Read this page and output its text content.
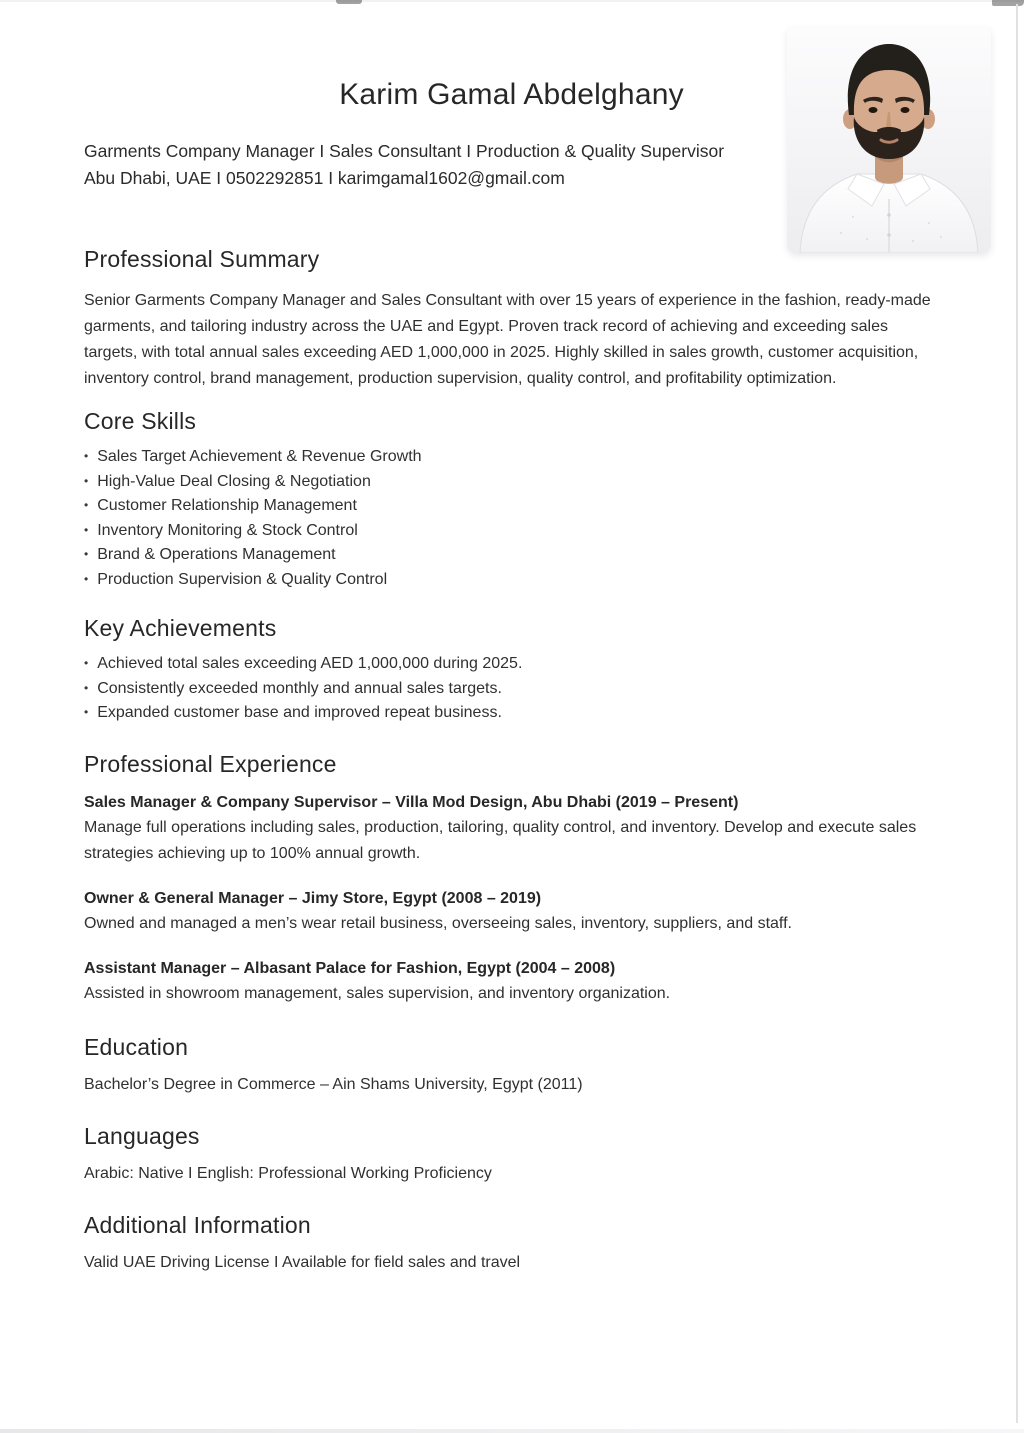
Karim Gamal Abdelghany

Garments Company Manager I Sales Consultant I Production & Quality Supervisor
Abu Dhabi, UAE I 0502292851 I karimgamal1602@gmail.com

Professional Summary

Senior Garments Company Manager and Sales Consultant with over 15 years of experience in the fashion, ready-made garments, and tailoring industry across the UAE and Egypt. Proven track record of achieving and exceeding sales targets, with total annual sales exceeding AED 1,000,000 in 2025. Highly skilled in sales growth, customer acquisition, inventory control, brand management, production supervision, quality control, and profitability optimization.

Core Skills
• Sales Target Achievement & Revenue Growth
• High-Value Deal Closing & Negotiation
• Customer Relationship Management
• Inventory Monitoring & Stock Control
• Brand & Operations Management
• Production Supervision & Quality Control
Key Achievements
• Achieved total sales exceeding AED 1,000,000 during 2025.
• Consistently exceeded monthly and annual sales targets.
• Expanded customer base and improved repeat business.
Professional Experience
Sales Manager & Company Supervisor – Villa Mod Design, Abu Dhabi (2019 – Present)

Manage full operations including sales, production, tailoring, quality control, and inventory. Develop and execute sales strategies achieving up to 100% annual growth.

Owner & General Manager – Jimy Store, Egypt (2008 – 2019)

Owned and managed a men’s wear retail business, overseeing sales, inventory, suppliers, and staff.

Assistant Manager – Albasant Palace for Fashion, Egypt (2004 – 2008)

Assisted in showroom management, sales supervision, and inventory organization.

Education

Bachelor’s Degree in Commerce – Ain Shams University, Egypt (2011)

Languages

Arabic: Native I English: Professional Working Proficiency

Additional Information

Valid UAE Driving License I Available for field sales and travel
